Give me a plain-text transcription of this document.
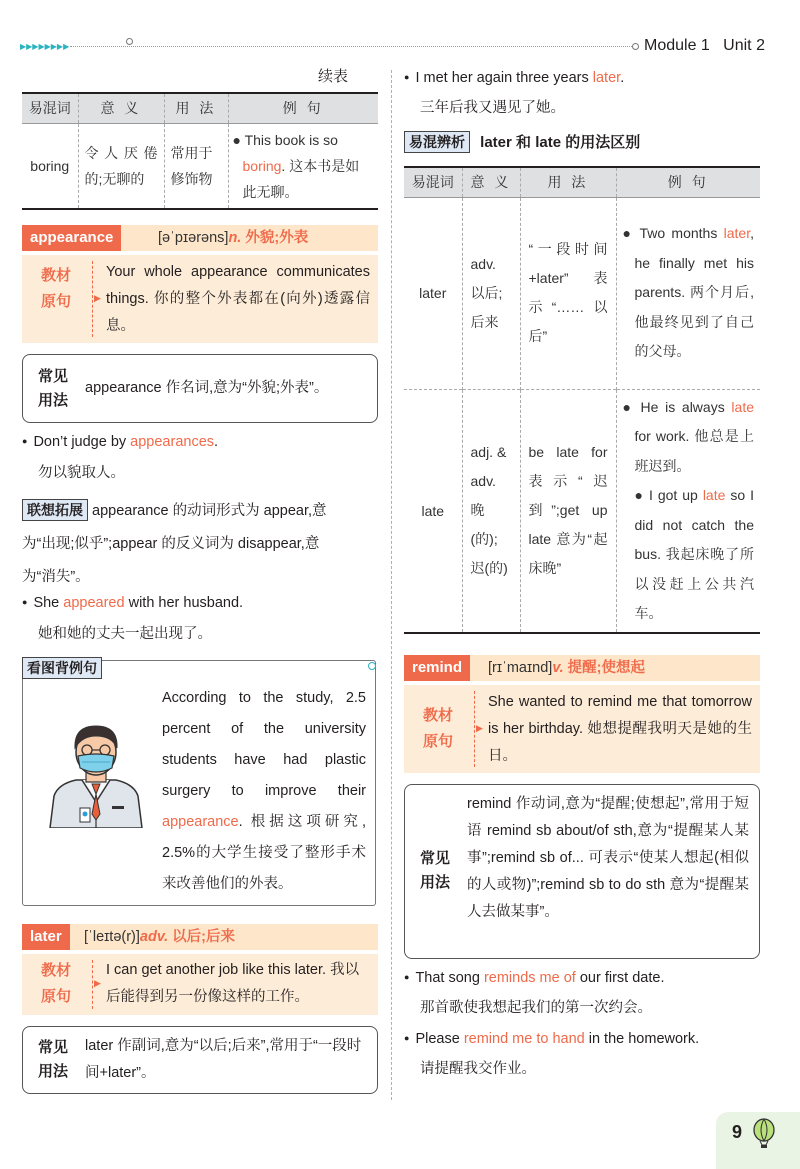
▶▶▶▶▶▶▶▶	Module 1 Unit 2
续表
易混词	意 义	用 法	例 句
boring	令人厌倦的;无聊的	常用于修饰物	● This book is so boring. 这本书是如此无聊。
appearance	[əˈpɪərəns]n. 外貌;外表
教材原句	▶
Your whole appearance communicates things. 你的整个外表都在(向外)透露信息。
常见用法
appearance 作名词,意为“外貌;外表”。
● Don’t judge by appearances.
勿以貌取人。
联想拓展 appearance 的动词形式为 appear,意
为“出现;似乎”;appear 的反义词为 disappear,意
为“消失”。
● She appeared with her husband.
她和她的丈夫一起出现了。
看图背例句
According to the study, 2.5 percent of the university students have had plastic surgery to improve their appearance. 根据这项研究, 2.5%的大学生接受了整形手术来改善他们的外表。
later	[ˈleɪtə(r)]adv. 以后;后来
教材原句
▶
I can get another job like this later. 我以后能得到另一份像这样的工作。
常见用法
later 作副词,意为“以后;后来”,常用于“一段时间+later”。
● I met her again three years later.
三年后我又遇见了她。
易混辨析 later 和 late 的用法区别
易混词	意 义	用 法	例 句
later	adv. 以后;后来	“一段时间+later”表示“……以后”	● Two months later, he finally met his parents. 两个月后,他最终见到了自己的父母。
late	adj. & adv. 晚(的);迟(的)	be late for 表示“迟到”;get up late 意为“起床晚”	● He is always late for work. 他总是上班迟到。
● I got up late so I did not catch the bus. 我起床晚了所以没赶上公共汽车。
remind	[rɪˈmaɪnd]v. 提醒;使想起
教材原句
▶
She wanted to remind me that tomorrow is her birthday. 她想提醒我明天是她的生日。
常见用法
remind 作动词,意为“提醒;使想起”,常用于短语 remind sb about/of sth,意为“提醒某人某事”;remind sb of... 可表示“使某人想起(相似的人或物)”;remind sb to do sth 意为“提醒某人去做某事”。
● That song reminds me of our first date.
那首歌使我想起我们的第一次约会。
● Please remind me to hand in the homework.
请提醒我交作业。
9
